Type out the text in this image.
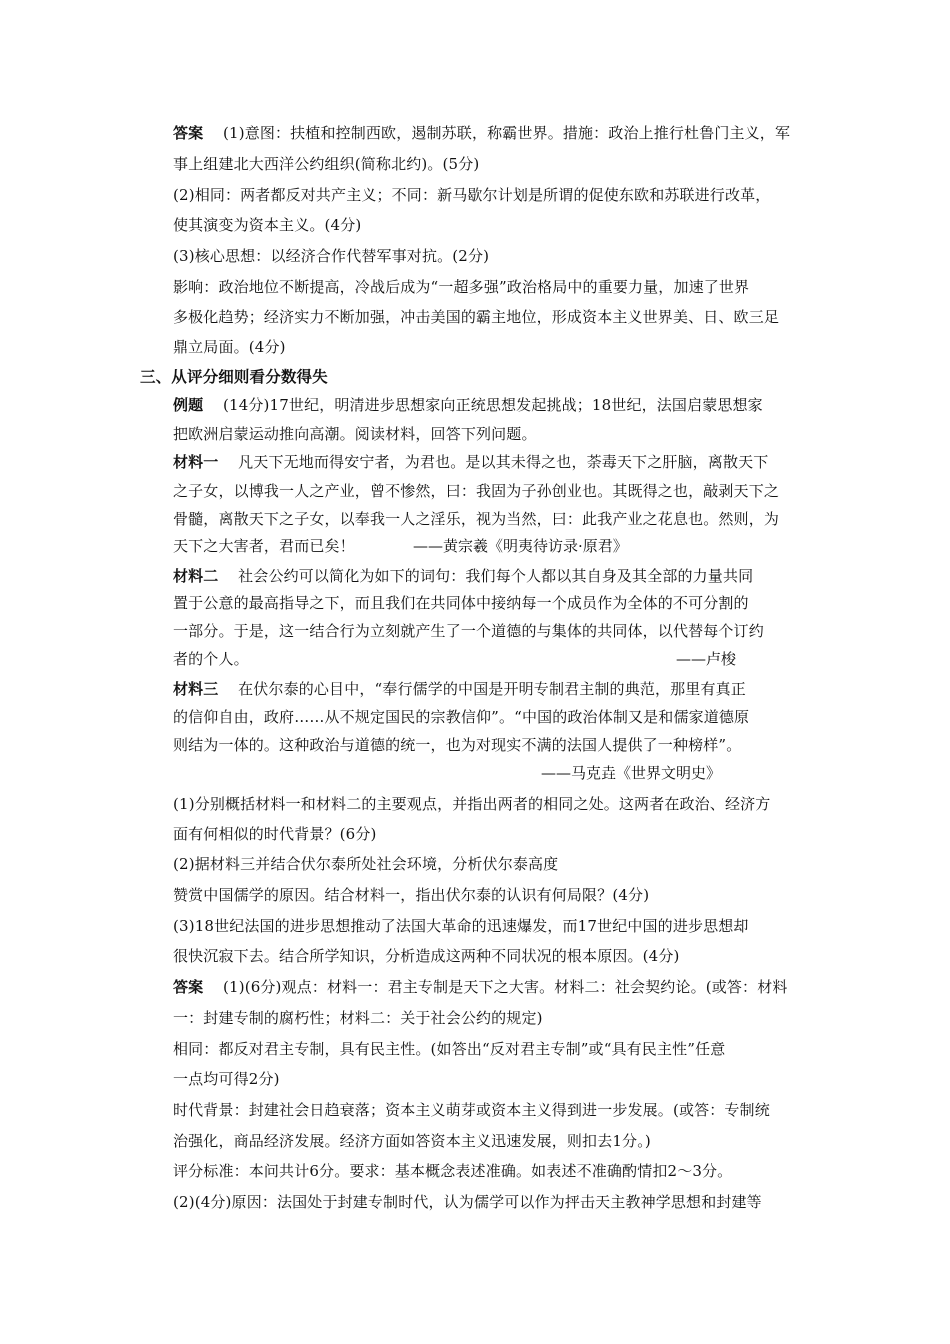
答案 (1)意图：扶植和控制西欧，遏制苏联，称霸世界。措施：政治上推行杜鲁门主义，军
事上组建北大西洋公约组织(简称北约)。(5分)
(2)相同：两者都反对共产主义；不同：新马歇尔计划是所谓的促使东欧和苏联进行改革，
使其演变为资本主义。(4分)
(3)核心思想：以经济合作代替军事对抗。(2分)
影响：政治地位不断提高，冷战后成为“一超多强”政治格局中的重要力量，加速了世界
多极化趋势；经济实力不断加强，冲击美国的霸主地位，形成资本主义世界美、日、欧三足
鼎立局面。(4分)
三、从评分细则看分数得失
例题 (14分)17世纪，明清进步思想家向正统思想发起挑战；18世纪，法国启蒙思想家
把欧洲启蒙运动推向高潮。阅读材料，回答下列问题。
材料一 凡天下无地而得安宁者，为君也。是以其未得之也，荼毒天下之肝脑，离散天下
之子女，以博我一人之产业，曾不惨然，曰：我固为子孙创业也。其既得之也，敲剥天下之
骨髓，离散天下之子女，以奉我一人之淫乐，视为当然，曰：此我产业之花息也。然则，为
天下之大害者，君而已矣！	——黄宗羲《明夷待访录·原君》
材料二 社会公约可以简化为如下的词句：我们每个人都以其自身及其全部的力量共同
置于公意的最高指导之下，而且我们在共同体中接纳每一个成员作为全体的不可分割的
一部分。于是，这一结合行为立刻就产生了一个道德的与集体的共同体，以代替每个订约
者的个人。	——卢梭
材料三 在伏尔泰的心目中，“奉行儒学的中国是开明专制君主制的典范，那里有真正
的信仰自由，政府……从不规定国民的宗教信仰”。“中国的政治体制又是和儒家道德原
则结为一体的。这种政治与道德的统一，也为对现实不满的法国人提供了一种榜样”。
——马克垚《世界文明史》
(1)分别概括材料一和材料二的主要观点，并指出两者的相同之处。这两者在政治、经济方
面有何相似的时代背景？(6分)
(2)据材料三并结合伏尔泰所处社会环境，分析伏尔泰高度
赞赏中国儒学的原因。结合材料一，指出伏尔泰的认识有何局限？(4分)
(3)18世纪法国的进步思想推动了法国大革命的迅速爆发，而17世纪中国的进步思想却
很快沉寂下去。结合所学知识，分析造成这两种不同状况的根本原因。(4分)
答案 (1)(6分)观点：材料一：君主专制是天下之大害。材料二：社会契约论。(或答：材料
一：封建专制的腐朽性；材料二：关于社会公约的规定)
相同：都反对君主专制，具有民主性。(如答出“反对君主专制”或“具有民主性”任意
一点均可得2分)
时代背景：封建社会日趋衰落；资本主义萌芽或资本主义得到进一步发展。(或答：专制统
治强化，商品经济发展。经济方面如答资本主义迅速发展，则扣去1分。)
评分标准：本问共计6分。要求：基本概念表述准确。如表述不准确酌情扣2～3分。
(2)(4分)原因：法国处于封建专制时代，认为儒学可以作为抨击天主教神学思想和封建等
